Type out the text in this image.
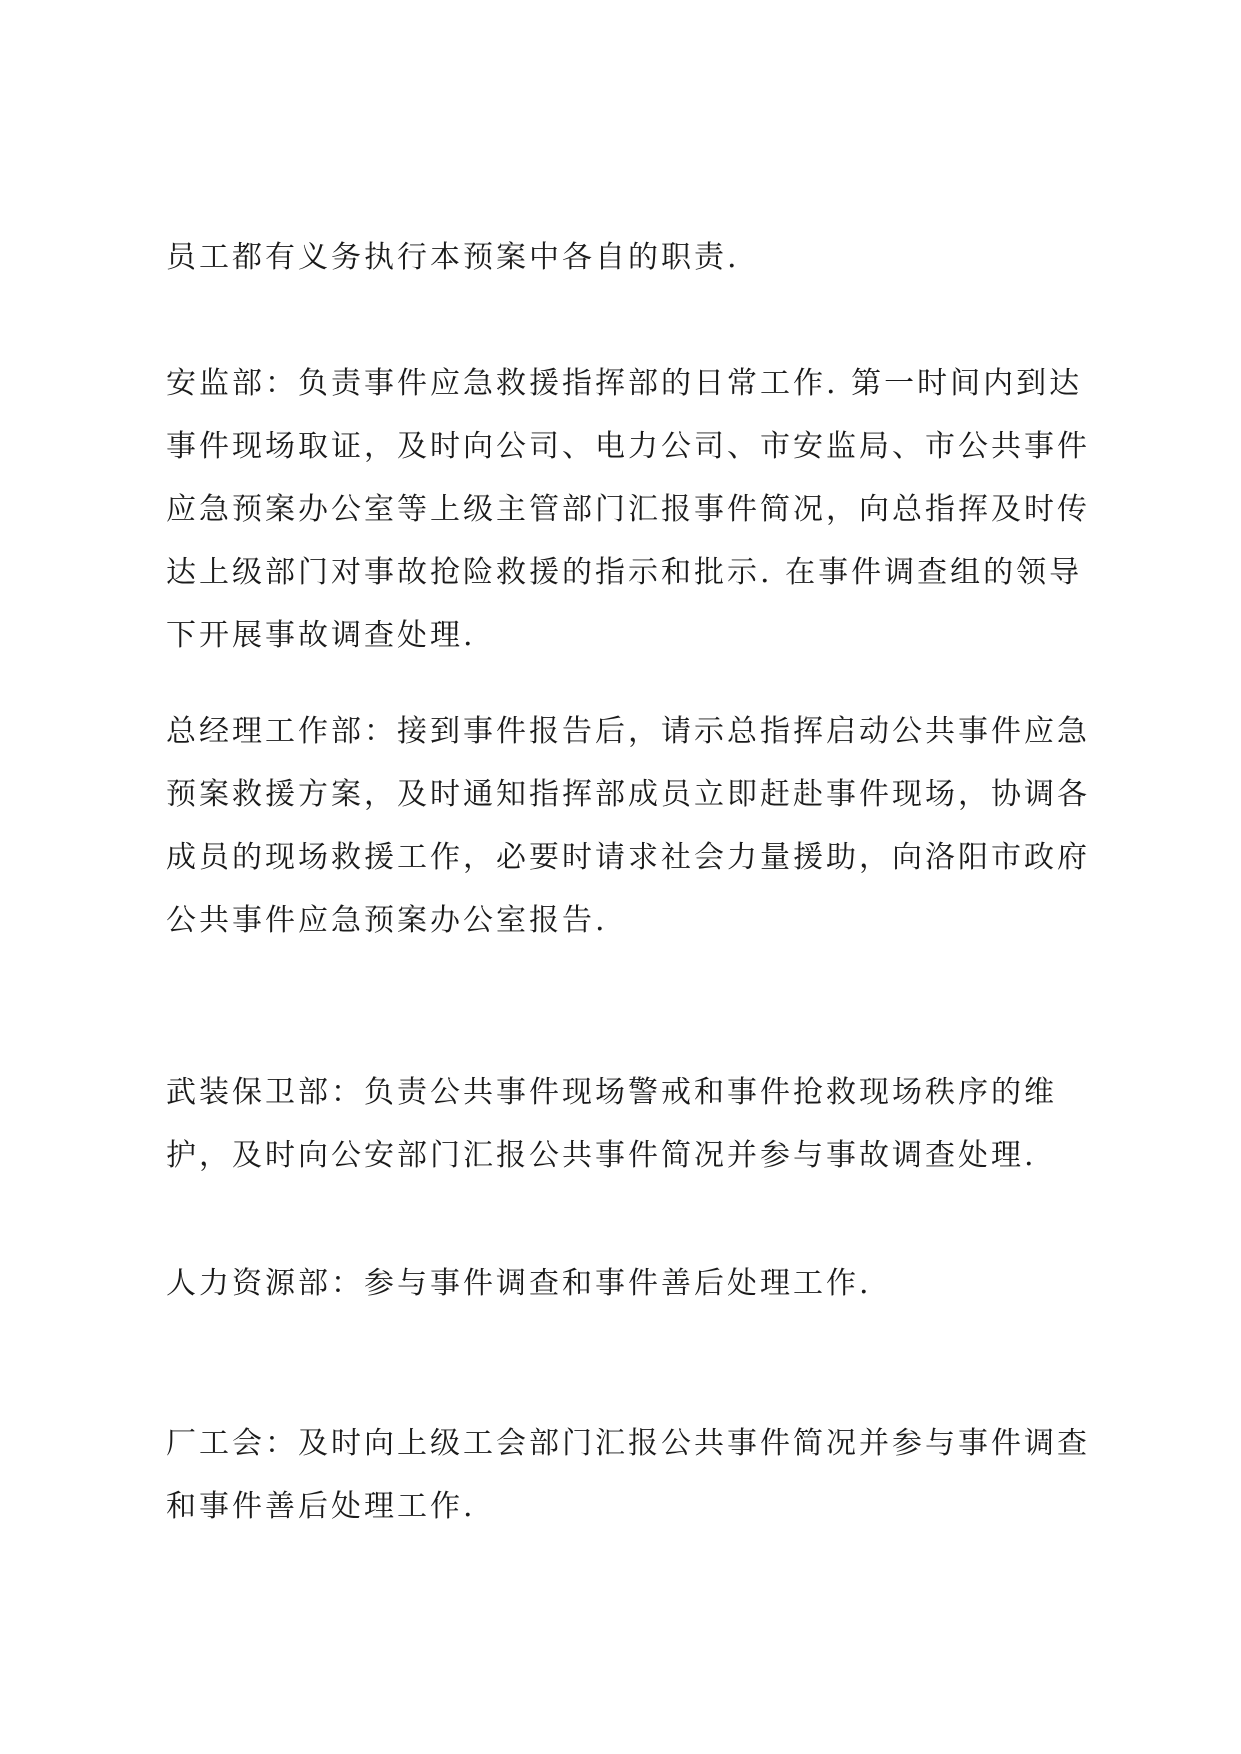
员工都有义务执行本预案中各自的职责.

安监部：负责事件应急救援指挥部的日常工作. 第一时间内到达
事件现场取证，及时向公司、电力公司、市安监局、市公共事件
应急预案办公室等上级主管部门汇报事件简况，向总指挥及时传
达上级部门对事故抢险救援的指示和批示. 在事件调查组的领导
下开展事故调查处理.

总经理工作部：接到事件报告后，请示总指挥启动公共事件应急
预案救援方案，及时通知指挥部成员立即赶赴事件现场，协调各
成员的现场救援工作，必要时请求社会力量援助，向洛阳市政府
公共事件应急预案办公室报告.

武装保卫部：负责公共事件现场警戒和事件抢救现场秩序的维
护，及时向公安部门汇报公共事件简况并参与事故调查处理.

人力资源部：参与事件调查和事件善后处理工作.

厂工会：及时向上级工会部门汇报公共事件简况并参与事件调查
和事件善后处理工作.
